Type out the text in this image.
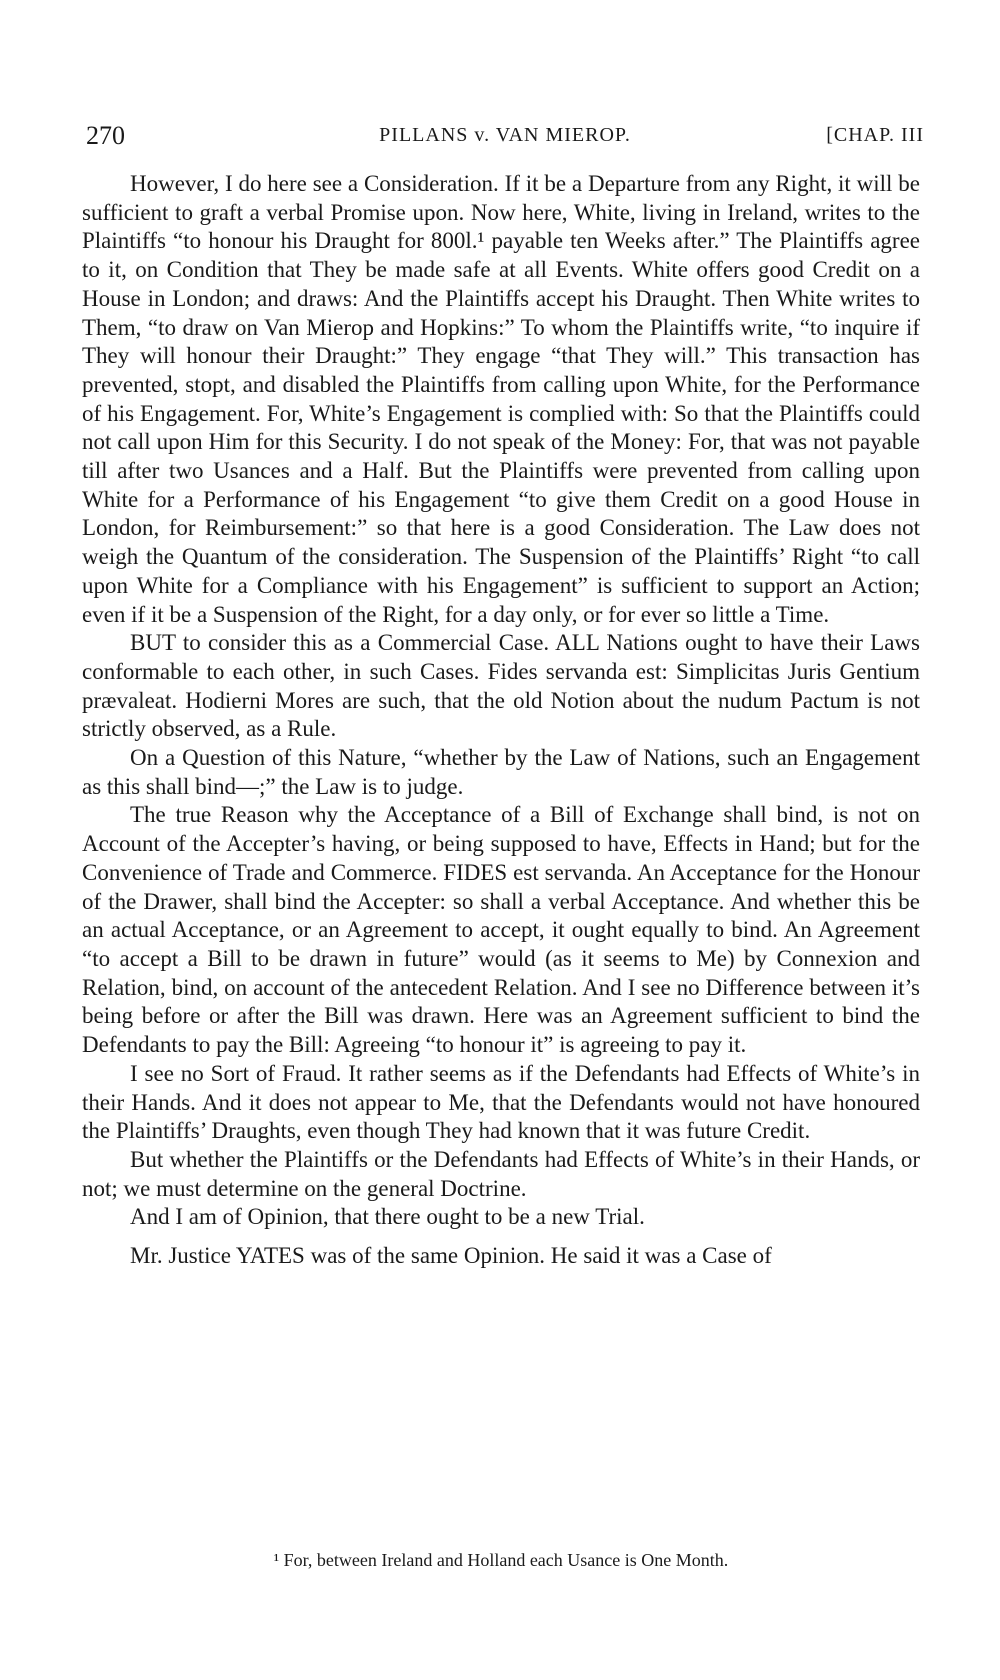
270	PILLANS v. VAN MIEROP.	[CHAP. III

However, I do here see a Consideration. If it be a Departure from any Right, it will be sufficient to graft a verbal Promise upon. Now here, White, living in Ireland, writes to the Plaintiffs “to honour his Draught for 800l.¹ payable ten Weeks after.” The Plaintiffs agree to it, on Condition that They be made safe at all Events. White offers good Credit on a House in London; and draws: And the Plaintiffs accept his Draught. Then White writes to Them, “to draw on Van Mierop and Hopkins:” To whom the Plaintiffs write, “to inquire if They will honour their Draught:” They engage “that They will.” This transaction has prevented, stopt, and disabled the Plaintiffs from calling upon White, for the Performance of his Engagement. For, White’s Engagement is complied with: So that the Plaintiffs could not call upon Him for this Security. I do not speak of the Money: For, that was not payable till after two Usances and a Half. But the Plaintiffs were prevented from calling upon White for a Performance of his Engagement “to give them Credit on a good House in London, for Reimbursement:” so that here is a good Consideration. The Law does not weigh the Quantum of the consideration. The Suspension of the Plaintiffs’ Right “to call upon White for a Compliance with his Engagement” is sufficient to support an Action; even if it be a Suspension of the Right, for a day only, or for ever so little a Time.

BUT to consider this as a Commercial Case. ALL Nations ought to have their Laws conformable to each other, in such Cases. Fides servanda est: Simplicitas Juris Gentium prævaleat. Hodierni Mores are such, that the old Notion about the nudum Pactum is not strictly observed, as a Rule.

On a Question of this Nature, “whether by the Law of Nations, such an Engagement as this shall bind—;” the Law is to judge.

The true Reason why the Acceptance of a Bill of Exchange shall bind, is not on Account of the Accepter’s having, or being supposed to have, Effects in Hand; but for the Convenience of Trade and Commerce. FIDES est servanda. An Acceptance for the Honour of the Drawer, shall bind the Accepter: so shall a verbal Acceptance. And whether this be an actual Acceptance, or an Agreement to accept, it ought equally to bind. An Agreement “to accept a Bill to be drawn in future” would (as it seems to Me) by Connexion and Relation, bind, on account of the antecedent Relation. And I see no Difference between it’s being before or after the Bill was drawn. Here was an Agreement sufficient to bind the Defendants to pay the Bill: Agreeing “to honour it” is agreeing to pay it.

I see no Sort of Fraud. It rather seems as if the Defendants had Effects of White’s in their Hands. And it does not appear to Me, that the Defendants would not have honoured the Plaintiffs’ Draughts, even though They had known that it was future Credit.

But whether the Plaintiffs or the Defendants had Effects of White’s in their Hands, or not; we must determine on the general Doctrine.

And I am of Opinion, that there ought to be a new Trial.

Mr. Justice YATES was of the same Opinion. He said it was a Case of

¹ For, between Ireland and Holland each Usance is One Month.
